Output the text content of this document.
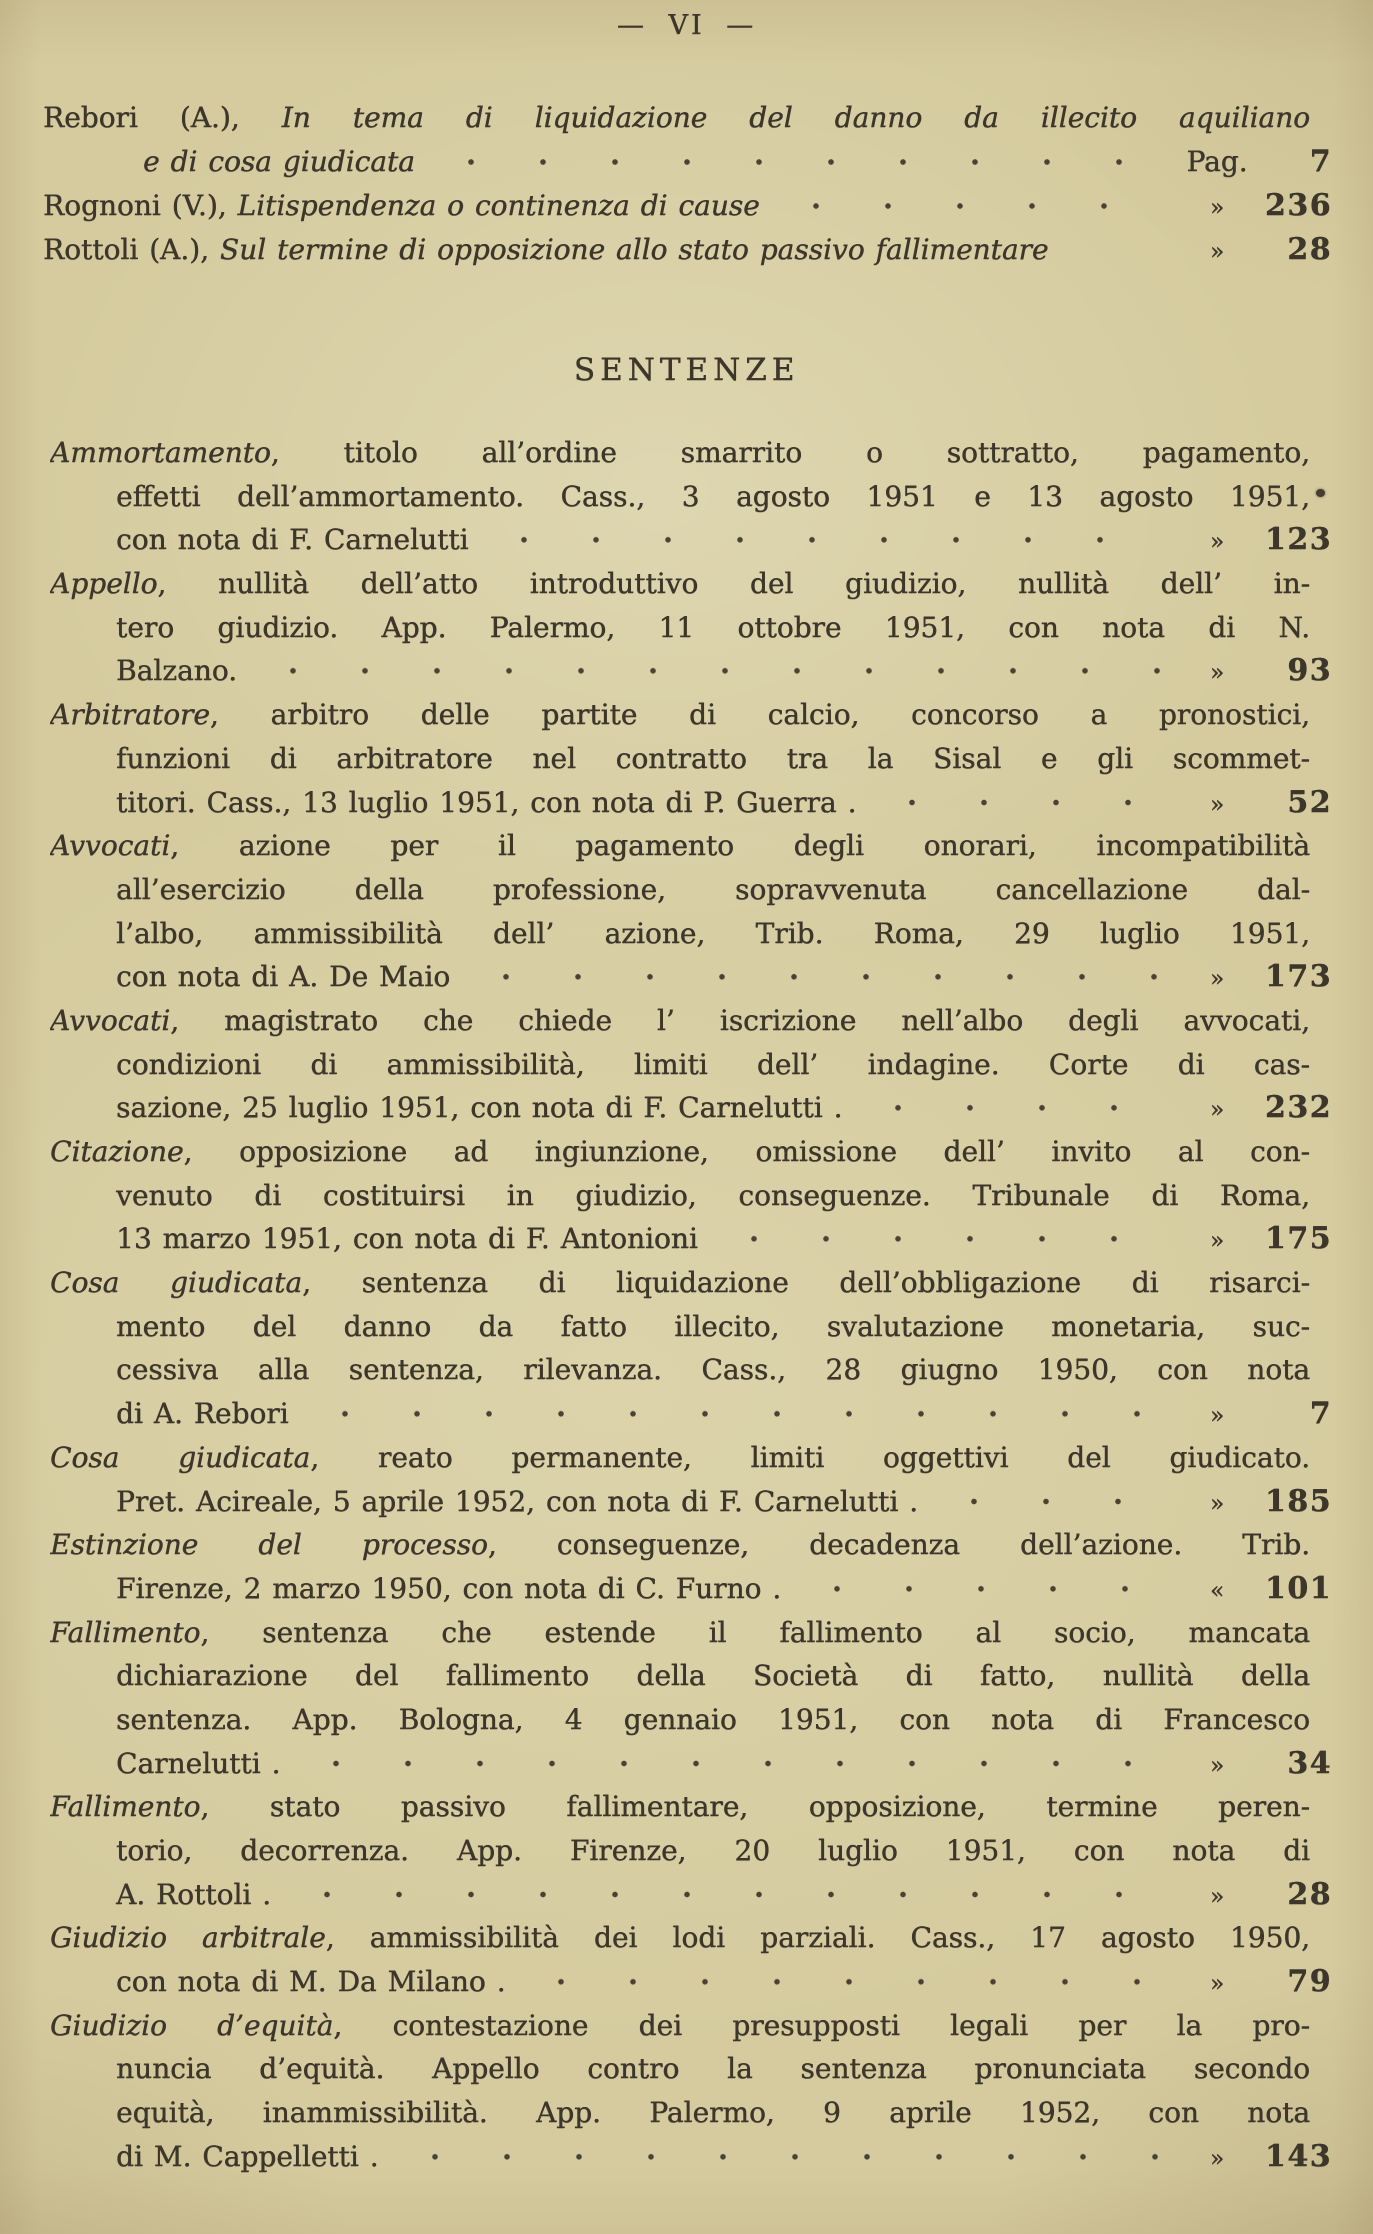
— VI —
Rebori (A.), In tema di liquidazione del danno da illecito aquiliano
e di cosa giudicata	Pag.	7
Rognoni (V.), Litispendenza o continenza di cause	»	236
Rottoli (A.), Sul termine di opposizione allo stato passivo fallimentare	»	28
SENTENZE
Ammortamento, titolo all’ordine smarrito o sottratto, pagamento,
effetti dell’ammortamento. Cass., 3 agosto 1951 e 13 agosto 1951,
con nota di F. Carnelutti	»	123
Appello, nullità dell’atto introduttivo del giudizio, nullità dell’ in-
tero giudizio. App. Palermo, 11 ottobre 1951, con nota di N.
Balzano.	»	93
Arbitratore, arbitro delle partite di calcio, concorso a pronostici,
funzioni di arbitratore nel contratto tra la Sisal e gli scommet-
titori. Cass., 13 luglio 1951, con nota di P. Guerra .	»	52
Avvocati, azione per il pagamento degli onorari, incompatibilità
all’esercizio della professione, sopravvenuta cancellazione dal-
l’albo, ammissibilità dell’ azione, Trib. Roma, 29 luglio 1951,
con nota di A. De Maio	»	173
Avvocati, magistrato che chiede l’ iscrizione nell’albo degli avvocati,
condizioni di ammissibilità, limiti dell’ indagine. Corte di cas-
sazione, 25 luglio 1951, con nota di F. Carnelutti .	»	232
Citazione, opposizione ad ingiunzione, omissione dell’ invito al con-
venuto di costituirsi in giudizio, conseguenze. Tribunale di Roma,
13 marzo 1951, con nota di F. Antonioni	»	175
Cosa giudicata, sentenza di liquidazione dell’obbligazione di risarci-
mento del danno da fatto illecito, svalutazione monetaria, suc-
cessiva alla sentenza, rilevanza. Cass., 28 giugno 1950, con nota
di A. Rebori	»	7
Cosa giudicata, reato permanente, limiti oggettivi del giudicato.
Pret. Acireale, 5 aprile 1952, con nota di F. Carnelutti .	»	185
Estinzione del processo, conseguenze, decadenza dell’azione. Trib.
Firenze, 2 marzo 1950, con nota di C. Furno .	«	101
Fallimento, sentenza che estende il fallimento al socio, mancata
dichiarazione del fallimento della Società di fatto, nullità della
sentenza. App. Bologna, 4 gennaio 1951, con nota di Francesco
Carnelutti .	»	34
Fallimento, stato passivo fallimentare, opposizione, termine peren-
torio, decorrenza. App. Firenze, 20 luglio 1951, con nota di
A. Rottoli .	»	28
Giudizio arbitrale, ammissibilità dei lodi parziali. Cass., 17 agosto 1950,
con nota di M. Da Milano .	»	79
Giudizio d’equità, contestazione dei presupposti legali per la pro-
nuncia d’equità. Appello contro la sentenza pronunciata secondo
equità, inammissibilità. App. Palermo, 9 aprile 1952, con nota
di M. Cappelletti .	»	143
